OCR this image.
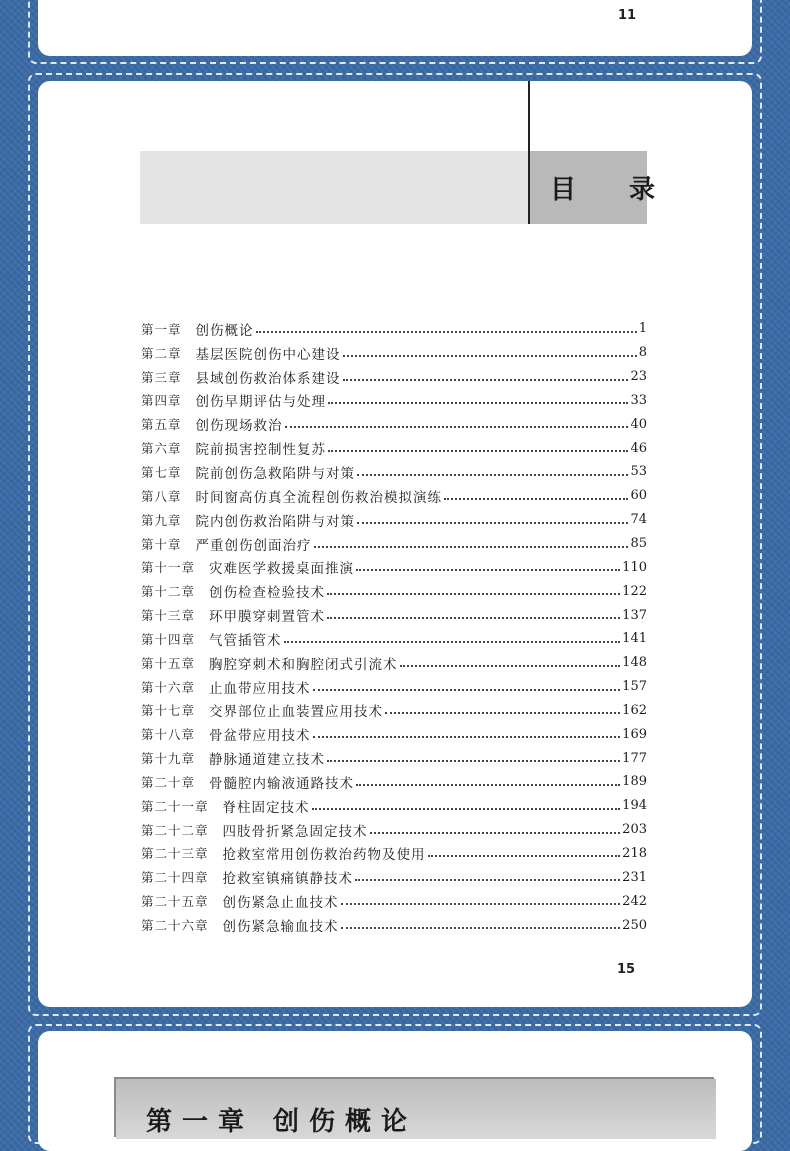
11
目 录
第一章 创伤概论	1
第二章 基层医院创伤中心建设	8
第三章 县域创伤救治体系建设	23
第四章 创伤早期评估与处理	33
第五章 创伤现场救治	40
第六章 院前损害控制性复苏	46
第七章 院前创伤急救陷阱与对策	53
第八章 时间窗高仿真全流程创伤救治模拟演练	60
第九章 院内创伤救治陷阱与对策	74
第十章 严重创伤创面治疗	85
第十一章 灾难医学救援桌面推演	110
第十二章 创伤检查检验技术	122
第十三章 环甲膜穿刺置管术	137
第十四章 气管插管术	141
第十五章 胸腔穿刺术和胸腔闭式引流术	148
第十六章 止血带应用技术	157
第十七章 交界部位止血装置应用技术	162
第十八章 骨盆带应用技术	169
第十九章 静脉通道建立技术	177
第二十章 骨髓腔内输液通路技术	189
第二十一章 脊柱固定技术	194
第二十二章 四肢骨折紧急固定技术	203
第二十三章 抢救室常用创伤救治药物及使用	218
第二十四章 抢救室镇痛镇静技术	231
第二十五章 创伤紧急止血技术	242
第二十六章 创伤紧急输血技术	250
15
第一章 创伤概论
